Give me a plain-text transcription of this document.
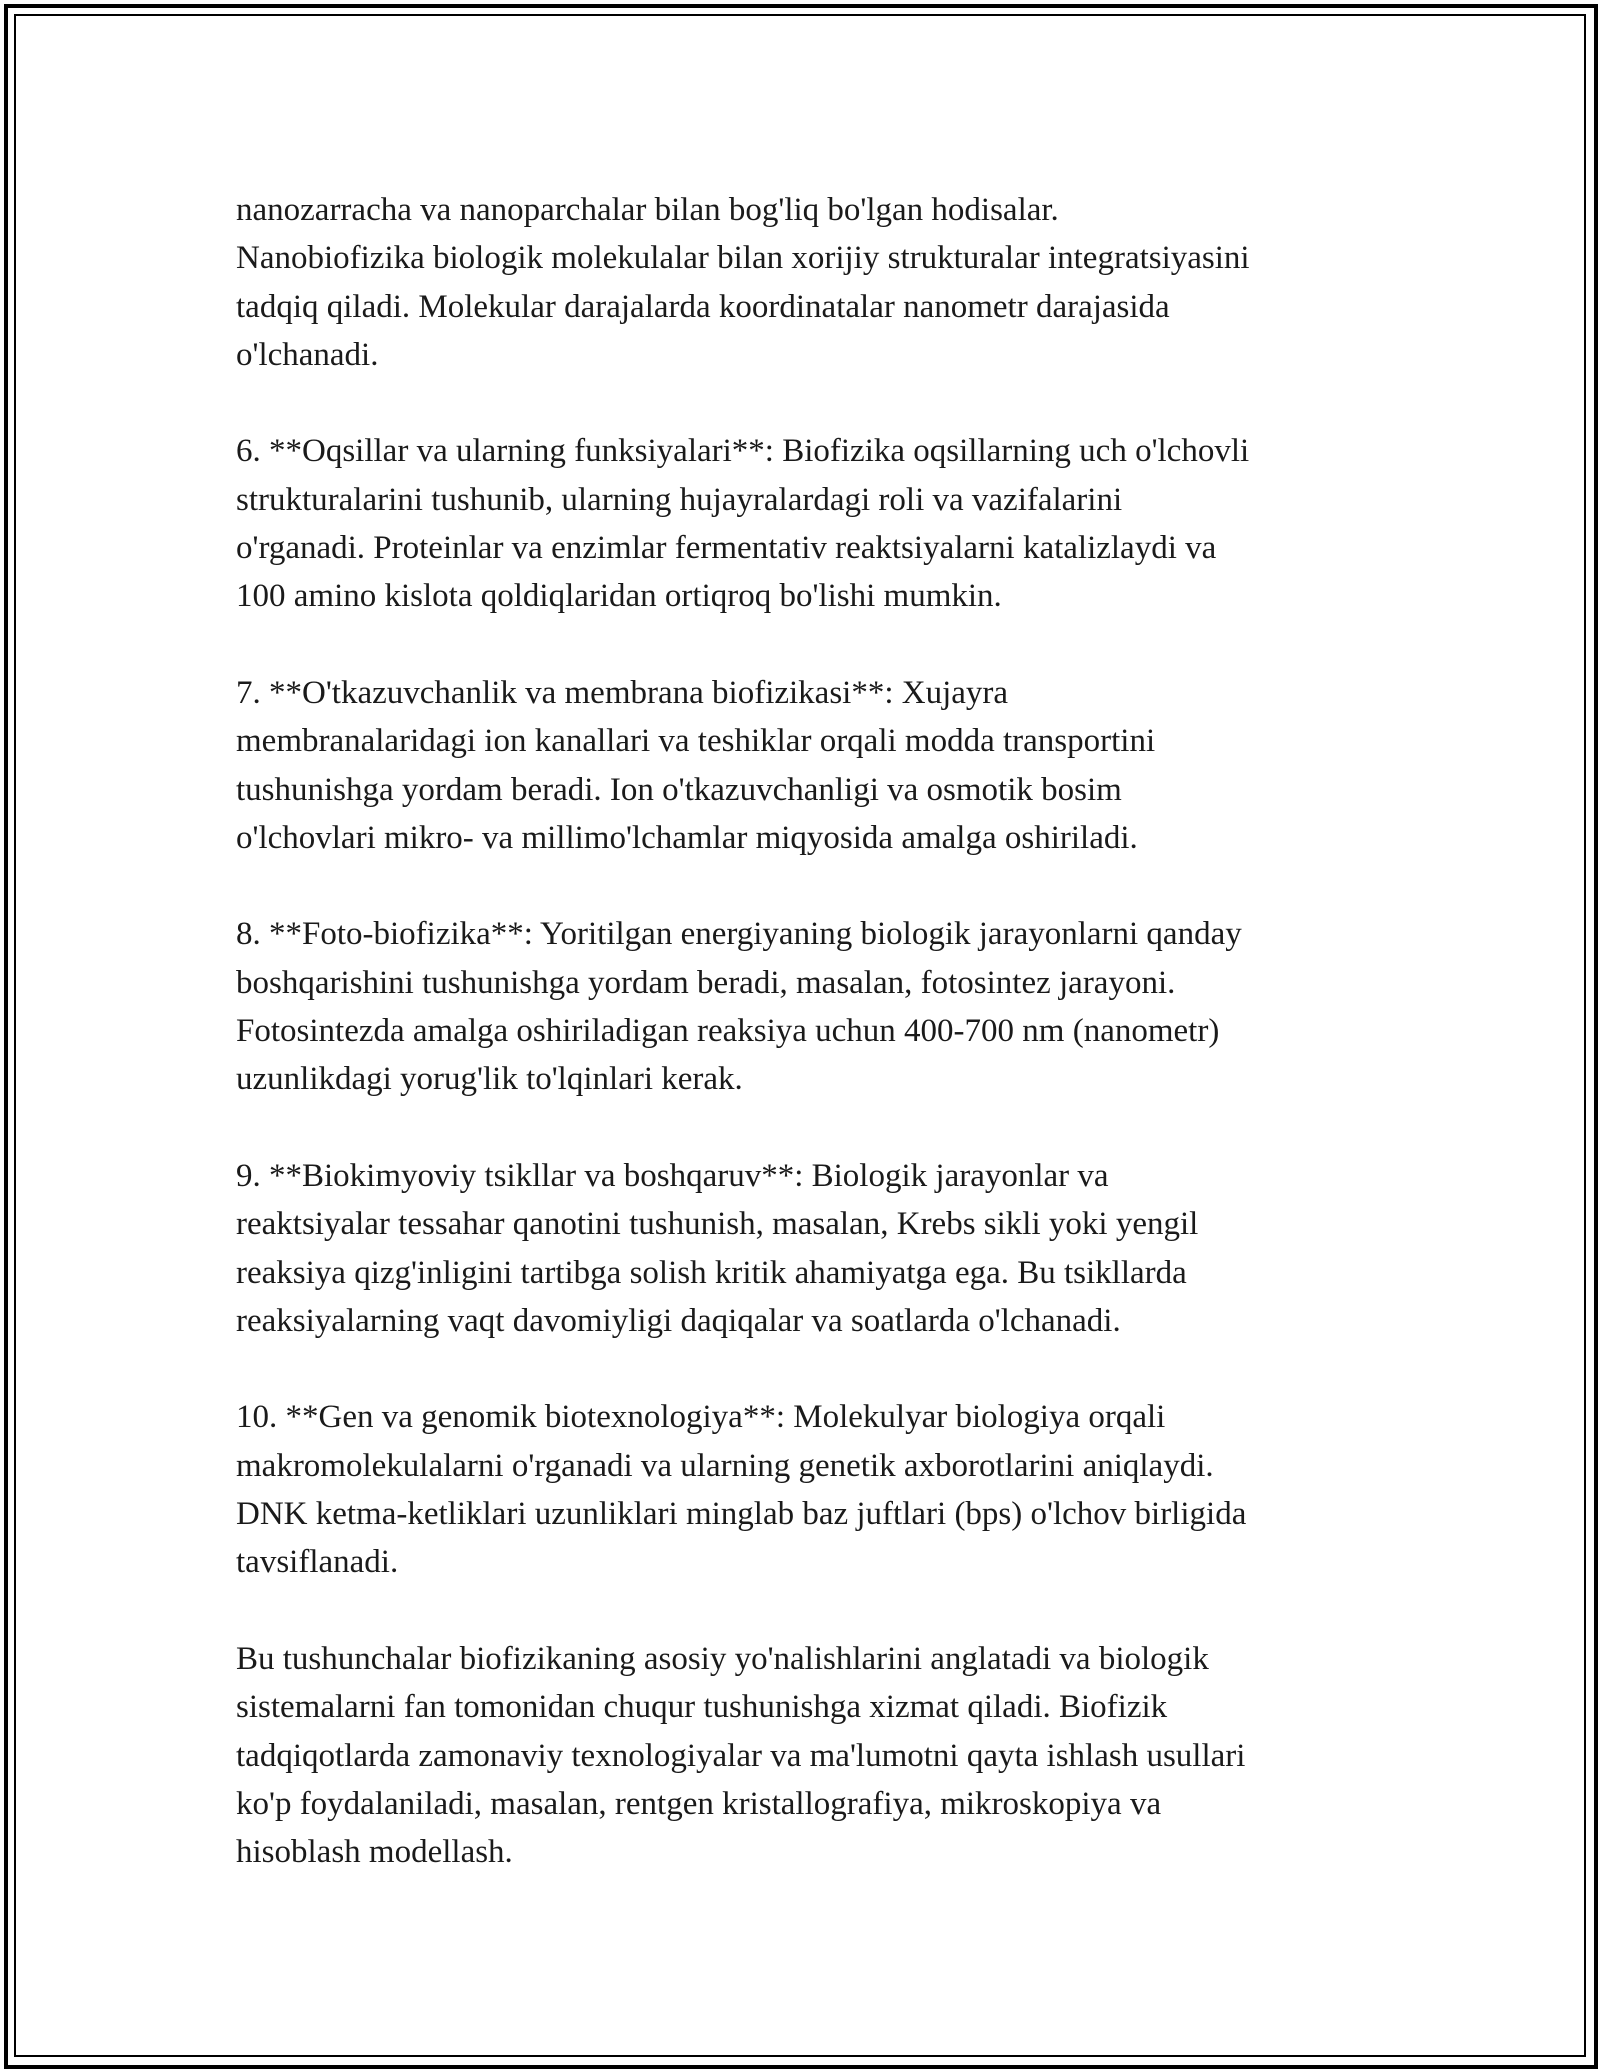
nanozarracha va nanoparchalar bilan bog'liq bo'lgan hodisalar.
Nanobiofizika biologik molekulalar bilan xorijiy strukturalar integratsiyasini
tadqiq qiladi. Molekular darajalarda koordinatalar nanometr darajasida
o'lchanadi.

6. **Oqsillar va ularning funksiyalari**: Biofizika oqsillarning uch o'lchovli
strukturalarini tushunib, ularning hujayralardagi roli va vazifalarini
o'rganadi. Proteinlar va enzimlar fermentativ reaktsiyalarni katalizlaydi va
100 amino kislota qoldiqlaridan ortiqroq bo'lishi mumkin.

7. **O'tkazuvchanlik va membrana biofizikasi**: Xujayra
membranalaridagi ion kanallari va teshiklar orqali modda transportini
tushunishga yordam beradi. Ion o'tkazuvchanligi va osmotik bosim
o'lchovlari mikro- va millimo'lchamlar miqyosida amalga oshiriladi.

8. **Foto-biofizika**: Yoritilgan energiyaning biologik jarayonlarni qanday
boshqarishini tushunishga yordam beradi, masalan, fotosintez jarayoni.
Fotosintezda amalga oshiriladigan reaksiya uchun 400-700 nm (nanometr)
uzunlikdagi yorug'lik to'lqinlari kerak.

9. **Biokimyoviy tsikllar va boshqaruv**: Biologik jarayonlar va
reaktsiyalar tessahar qanotini tushunish, masalan, Krebs sikli yoki yengil
reaksiya qizg'inligini tartibga solish kritik ahamiyatga ega. Bu tsikllarda
reaksiyalarning vaqt davomiyligi daqiqalar va soatlarda o'lchanadi.

10. **Gen va genomik biotexnologiya**: Molekulyar biologiya orqali
makromolekulalarni o'rganadi va ularning genetik axborotlarini aniqlaydi.
DNK ketma-ketliklari uzunliklari minglab baz juftlari (bps) o'lchov birligida
tavsiflanadi.

Bu tushunchalar biofizikaning asosiy yo'nalishlarini anglatadi va biologik
sistemalarni fan tomonidan chuqur tushunishga xizmat qiladi. Biofizik
tadqiqotlarda zamonaviy texnologiyalar va ma'lumotni qayta ishlash usullari
ko'p foydalaniladi, masalan, rentgen kristallografiya, mikroskopiya va
hisoblash modellash.
